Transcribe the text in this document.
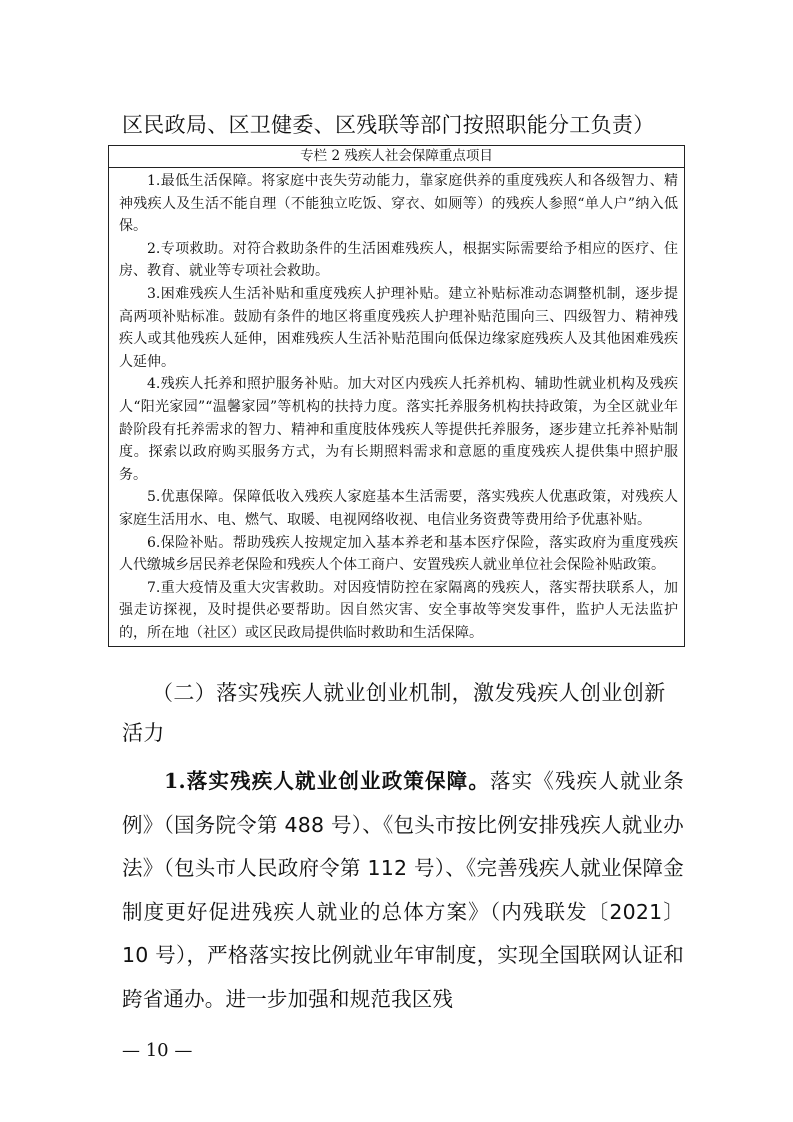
区民政局、区卫健委、区残联等部门按照职能分工负责）
专栏 2 残疾人社会保障重点项目

1.最低生活保障。将家庭中丧失劳动能力，靠家庭供养的重度残疾人和各级智力、精神残疾人及生活不能自理（不能独立吃饭、穿衣、如厕等）的残疾人参照“单人户”纳入低保。

2.专项救助。对符合救助条件的生活困难残疾人，根据实际需要给予相应的医疗、住房、教育、就业等专项社会救助。

3.困难残疾人生活补贴和重度残疾人护理补贴。建立补贴标准动态调整机制，逐步提高两项补贴标准。鼓励有条件的地区将重度残疾人护理补贴范围向三、四级智力、精神残疾人或其他残疾人延伸，困难残疾人生活补贴范围向低保边缘家庭残疾人及其他困难残疾人延伸。

4.残疾人托养和照护服务补贴。加大对区内残疾人托养机构、辅助性就业机构及残疾人“阳光家园”“温馨家园”等机构的扶持力度。落实托养服务机构扶持政策，为全区就业年龄阶段有托养需求的智力、精神和重度肢体残疾人等提供托养服务，逐步建立托养补贴制度。探索以政府购买服务方式，为有长期照料需求和意愿的重度残疾人提供集中照护服务。

5.优惠保障。保障低收入残疾人家庭基本生活需要，落实残疾人优惠政策，对残疾人家庭生活用水、电、燃气、取暖、电视网络收视、电信业务资费等费用给予优惠补贴。

6.保险补贴。帮助残疾人按规定加入基本养老和基本医疗保险，落实政府为重度残疾人代缴城乡居民养老保险和残疾人个体工商户、安置残疾人就业单位社会保险补贴政策。

7.重大疫情及重大灾害救助。对因疫情防控在家隔离的残疾人，落实帮扶联系人，加强走访探视，及时提供必要帮助。因自然灾害、安全事故等突发事件，监护人无法监护的，所在地（社区）或区民政局提供临时救助和生活保障。

（二）落实残疾人就业创业机制，激发残疾人创业创新活力
1.落实残疾人就业创业政策保障。落实《残疾人就业条例》（国务院令第 488 号）、《包头市按比例安排残疾人就业办法》（包头市人民政府令第 112 号）、《完善残疾人就业保障金制度更好促进残疾人就业的总体方案》（内残联发〔2021〕10 号），严格落实按比例就业年审制度，实现全国联网认证和跨省通办。进一步加强和规范我区残
— 10 —
